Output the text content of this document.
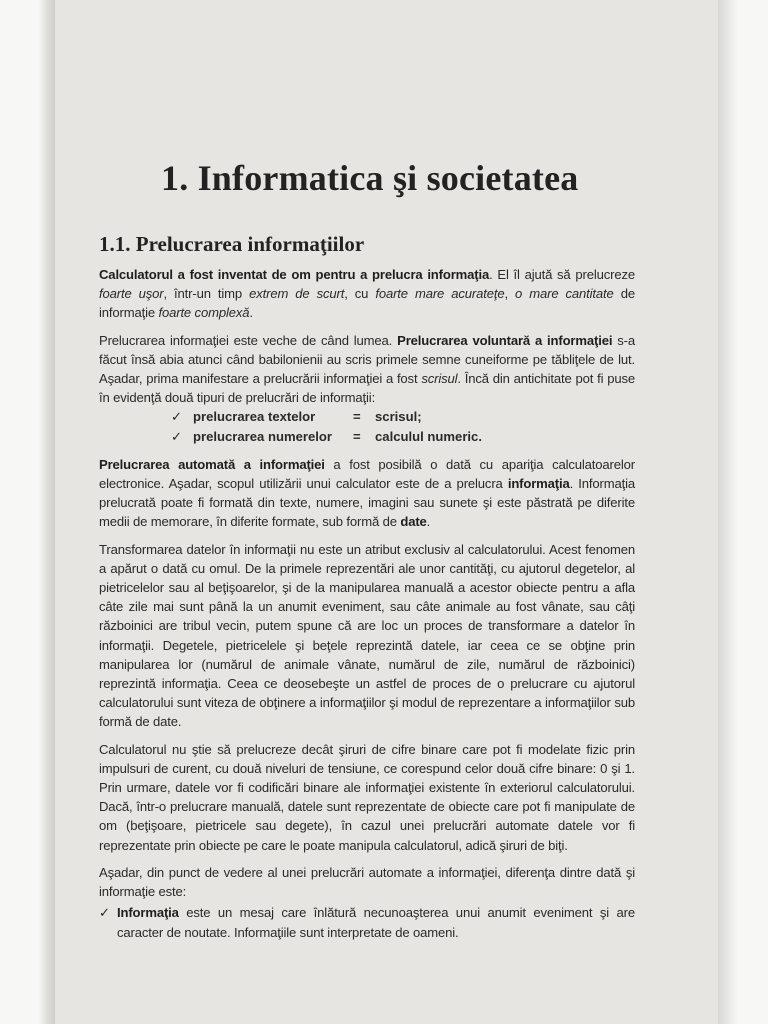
1. Informatica şi societatea
1.1. Prelucrarea informaţiilor

Calculatorul a fost inventat de om pentru a prelucra informaţia. El îl ajută să prelucreze foarte uşor, într-un timp extrem de scurt, cu foarte mare acurateţe, o mare cantitate de informaţie foarte complexă.

Prelucrarea informaţiei este veche de când lumea. Prelucrarea voluntară a informaţiei s-a făcut însă abia atunci când babilonienii au scris primele semne cuneiforme pe tăbliţele de lut. Aşadar, prima manifestare a prelucrării informaţiei a fost scrisul. Încă din antichitate pot fi puse în evidenţă două tipuri de prelucrări de informaţii:

✓ prelucrarea textelor	=	scrisul;
✓ prelucrarea numerelor	=	calculul numeric.

Prelucrarea automată a informaţiei a fost posibilă o dată cu apariţia calculatoarelor electronice. Aşadar, scopul utilizării unui calculator este de a prelucra informaţia. Informaţia prelucrată poate fi formată din texte, numere, imagini sau sunete şi este păstrată pe diferite medii de memorare, în diferite formate, sub formă de date.

Transformarea datelor în informaţii nu este un atribut exclusiv al calculatorului. Acest fenomen a apărut o dată cu omul. De la primele reprezentări ale unor cantităţi, cu ajutorul degetelor, al pietricelelor sau al beţişoarelor, şi de la manipularea manuală a acestor obiecte pentru a afla câte zile mai sunt până la un anumit eveniment, sau câte animale au fost vânate, sau câţi războinici are tribul vecin, putem spune că are loc un proces de transformare a datelor în informaţii. Degetele, pietricelele şi beţele reprezintă datele, iar ceea ce se obţine prin manipularea lor (numărul de animale vânate, numărul de zile, numărul de războinici) reprezintă informaţia. Ceea ce deosebeşte un astfel de proces de o prelucrare cu ajutorul calculatorului sunt viteza de obţinere a informaţiilor şi modul de reprezentare a informaţiilor sub formă de date.

Calculatorul nu ştie să prelucreze decât şiruri de cifre binare care pot fi modelate fizic prin impulsuri de curent, cu două niveluri de tensiune, ce corespund celor două cifre binare: 0 şi 1. Prin urmare, datele vor fi codificări binare ale informaţiei existente în exteriorul calculatorului. Dacă, într-o prelucrare manuală, datele sunt reprezentate de obiecte care pot fi manipulate de om (beţişoare, pietricele sau degete), în cazul unei prelucrări automate datele vor fi reprezentate prin obiecte pe care le poate manipula calculatorul, adică şiruri de biţi.

Aşadar, din punct de vedere al unei prelucrări automate a informaţiei, diferenţa dintre dată şi informaţie este:

✓ Informaţia este un mesaj care înlătură necunoaşterea unui anumit eveniment şi are caracter de noutate. Informaţiile sunt interpretate de oameni.
